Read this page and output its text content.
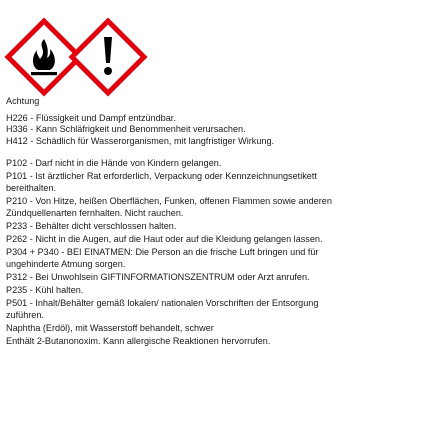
Achtung

H226 - Flüssigkeit und Dampf entzündbar.

H336 - Kann Schläfrigkeit und Benommenheit verursachen.

H412 - Schädlich für Wasserorganismen, mit langfristiger Wirkung.

P102 - Darf nicht in die Hände von Kindern gelangen.

P101 - Ist ärztlicher Rat erforderlich, Verpackung oder Kennzeichnungsetikett
bereithalten.

P210 - Von Hitze, heißen Oberflächen, Funken, offenen Flammen sowie anderen
Zündquellenarten fernhalten. Nicht rauchen.

P233 - Behälter dicht verschlossen halten.

P262 - Nicht in die Augen, auf die Haut oder auf die Kleidung gelangen lassen.

P304 + P340 - BEI EINATMEN: Die Person an die frische Luft bringen und für
ungehinderte Atmung sorgen.

P312 - Bei Unwohlsein GIFTINFORMATIONSZENTRUM oder Arzt anrufen.

P235 - Kühl halten.

P501 - Inhalt/Behälter gemäß lokalen/ nationalen Vorschriften der Entsorgung
zuführen.

Naphtha (Erdöl), mit Wasserstoff behandelt, schwer

Enthält 2-Butanonoxim. Kann allergische Reaktionen hervorrufen.
